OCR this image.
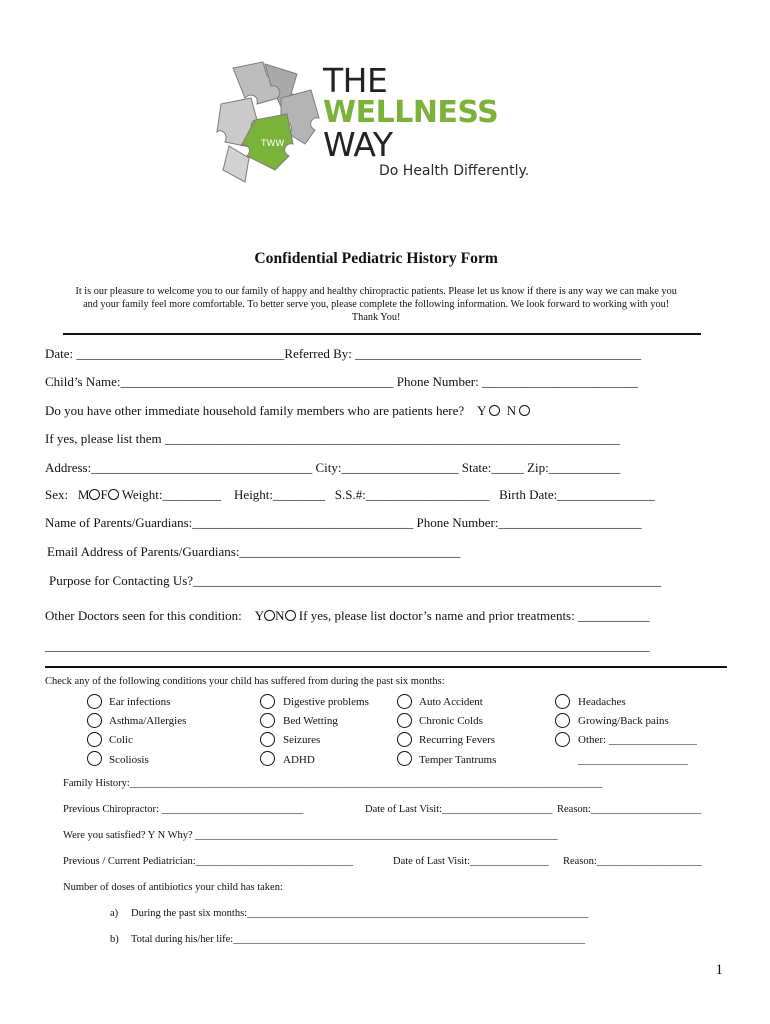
TWW
THE
WELLNESS
WAY
Do Health Differently.
Confidential Pediatric History Form
It is our pleasure to welcome you to our family of happy and healthy chiropractic patients. Please let us know if there is any way we can make you
and your family feel more comfortable. To better serve you, please complete the following information. We look forward to working with you!
Thank You!
Date: ________________________________Referred By: ____________________________________________
Child’s Name:__________________________________________ Phone Number: ________________________
Do you have other immediate household family members who are patients here? Y N
If yes, please list them ______________________________________________________________________
Address:__________________________________ City:__________________ State:_____ Zip:___________
Sex: M F Weight:_________ Height:________ S.S.#:___________________ Birth Date:_______________
Name of Parents/Guardians:__________________________________ Phone Number:______________________
Email Address of Parents/Guardians:__________________________________
Purpose for Contacting Us?________________________________________________________________________
Other Doctors seen for this condition: Y N If yes, please list doctor’s name and prior treatments: ___________
_____________________________________________________________________________________________
Check any of the following conditions your child has suffered from during the past six months:
Ear infections
Asthma/Allergies
Colic
Scoliosis
Digestive problems
Bed Wetting
Seizures
ADHD
Auto Accident
Chronic Colds
Recurring Fevers
Temper Tantrums
Headaches
Growing/Back pains
Other: ________________
____________________
Family History:__________________________________________________________________________________________
Previous Chiropractor: ___________________________	Date of Last Visit:_____________________ Reason:_____________________
Were you satisfied? Y N Why? _____________________________________________________________________
Previous / Current Pediatrician:______________________________	Date of Last Visit:_______________ Reason:____________________
Number of doses of antibiotics your child has taken:
a) During the past six months:_________________________________________________________________
b) Total during his/her life:___________________________________________________________________
1
